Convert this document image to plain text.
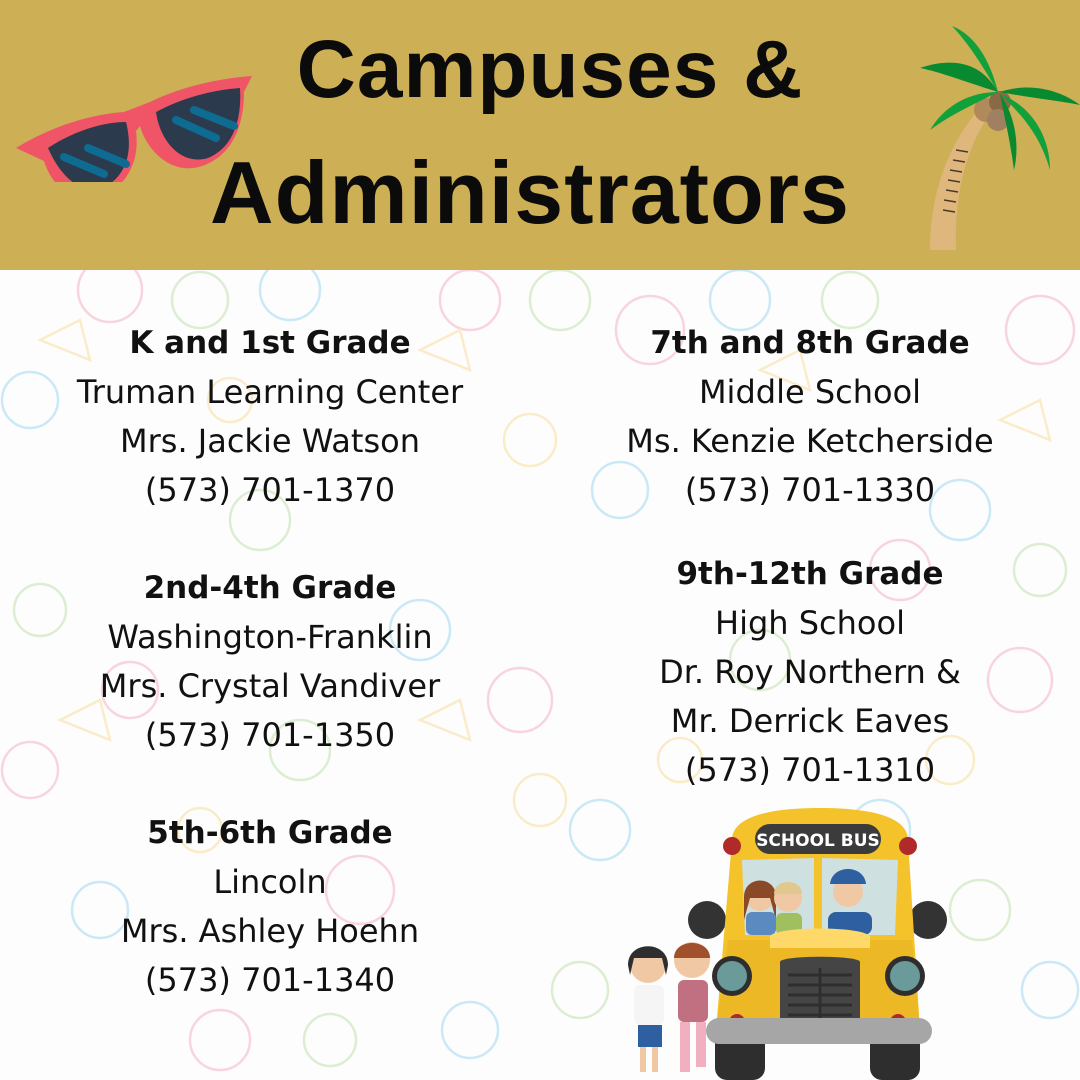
Campuses &
Administrators
SCHOOL BUS
K and 1st Grade
Truman Learning Center
Mrs. Jackie Watson
(573) 701-1370
2nd-4th Grade
Washington-Franklin
Mrs. Crystal Vandiver
(573) 701-1350
5th-6th Grade
Lincoln
Mrs. Ashley Hoehn
(573) 701-1340
7th and 8th Grade
Middle School
Ms. Kenzie Ketcherside
(573) 701-1330
9th-12th Grade
High School
Dr. Roy Northern &
Mr. Derrick Eaves
(573) 701-1310
